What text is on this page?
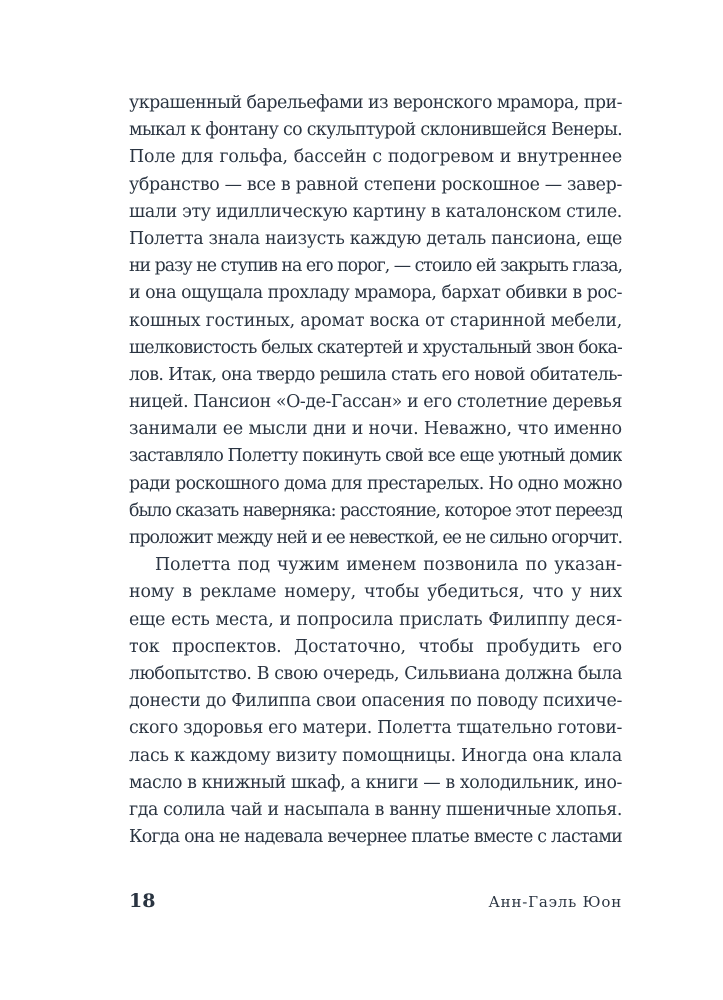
украшенный барельефами из веронского мрамора, при-
мыкал к фонтану со скульптурой склонившейся Венеры.
Поле для гольфа, бассейн с подогревом и внутреннее
убранство — все в равной степени роскошное — завер-
шали эту идиллическую картину в каталонском стиле.
Полетта знала наизусть каждую деталь пансиона, еще
ни разу не ступив на его порог, — стоило ей закрыть глаза,
и она ощущала прохладу мрамора, бархат обивки в рос-
кошных гостиных, аромат воска от старинной мебели,
шелковистость белых скатертей и хрустальный звон бока-
лов. Итак, она твердо решила стать его новой обитатель-
ницей. Пансион «О-де-Гассан» и его столетние деревья
занимали ее мысли дни и ночи. Неважно, что именно
заставляло Полетту покинуть свой все еще уютный домик
ради роскошного дома для престарелых. Но одно можно
было сказать наверняка: расстояние, которое этот переезд
проложит между ней и ее невесткой, ее не сильно огорчит.
Полетта под чужим именем позвонила по указан-
ному в рекламе номеру, чтобы убедиться, что у них
еще есть места, и попросила прислать Филиппу деся-
ток проспектов. Достаточно, чтобы пробудить его
любопытство. В свою очередь, Сильвиана должна была
донести до Филиппа свои опасения по поводу психиче-
ского здоровья его матери. Полетта тщательно готови-
лась к каждому визиту помощницы. Иногда она клала
масло в книжный шкаф, а книги — в холодильник, ино-
гда солила чай и насыпала в ванну пшеничные хлопья.
Когда она не надевала вечернее платье вместе с ластами
18	Анн-Гаэль Юон
